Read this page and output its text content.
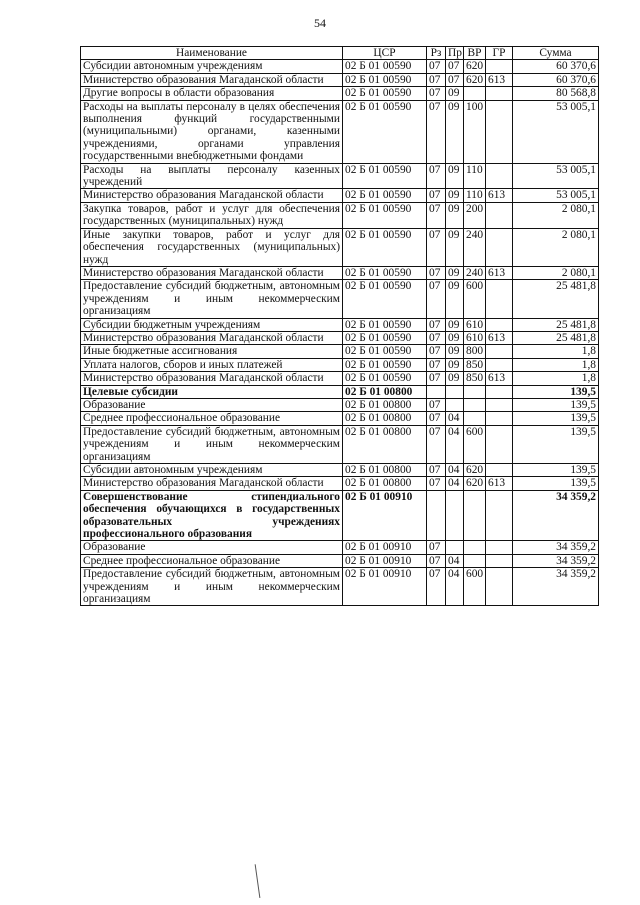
54
Наименование	ЦСР	Рз	Пр	ВР	ГР	Сумма
Субсидии автономным учреждениям	02 Б 01 00590	07	07	620		60 370,6
Министерство образования Магаданской области	02 Б 01 00590	07	07	620	613	60 370,6
Другие вопросы в области образования	02 Б 01 00590	07	09			80 568,8
Расходы на выплаты персоналу в целях обеспечения выполнения функций государственными (муниципальными) органами, казенными учреждениями, органами управления государственными внебюджетными фондами	02 Б 01 00590	07	09	100		53 005,1
Расходы на выплаты персоналу казенных учреждений	02 Б 01 00590	07	09	110		53 005,1
Министерство образования Магаданской области	02 Б 01 00590	07	09	110	613	53 005,1
Закупка товаров, работ и услуг для обеспечения государственных (муниципальных) нужд	02 Б 01 00590	07	09	200		2 080,1
Иные закупки товаров, работ и услуг для обеспечения государственных (муниципальных) нужд	02 Б 01 00590	07	09	240		2 080,1
Министерство образования Магаданской области	02 Б 01 00590	07	09	240	613	2 080,1
Предоставление субсидий бюджетным, автономным учреждениям и иным некоммерческим организациям	02 Б 01 00590	07	09	600		25 481,8
Субсидии бюджетным учреждениям	02 Б 01 00590	07	09	610		25 481,8
Министерство образования Магаданской области	02 Б 01 00590	07	09	610	613	25 481,8
Иные бюджетные ассигнования	02 Б 01 00590	07	09	800		1,8
Уплата налогов, сборов и иных платежей	02 Б 01 00590	07	09	850		1,8
Министерство образования Магаданской области	02 Б 01 00590	07	09	850	613	1,8
Целевые субсидии	02 Б 01 00800					139,5
Образование	02 Б 01 00800	07				139,5
Среднее профессиональное образование	02 Б 01 00800	07	04			139,5
Предоставление субсидий бюджетным, автономным учреждениям и иным некоммерческим организациям	02 Б 01 00800	07	04	600		139,5
Субсидии автономным учреждениям	02 Б 01 00800	07	04	620		139,5
Министерство образования Магаданской области	02 Б 01 00800	07	04	620	613	139,5
Совершенствование стипендиального обеспечения обучающихся в государственных образовательных учреждениях профессионального образования	02 Б 01 00910					34 359,2
Образование	02 Б 01 00910	07				34 359,2
Среднее профессиональное образование	02 Б 01 00910	07	04			34 359,2
Предоставление субсидий бюджетным, автономным учреждениям и иным некоммерческим организациям	02 Б 01 00910	07	04	600		34 359,2
